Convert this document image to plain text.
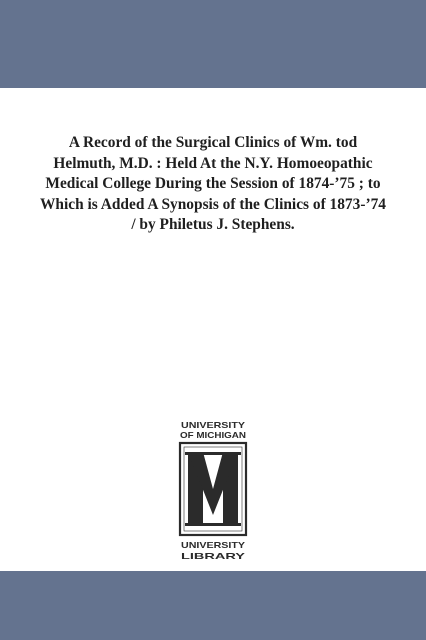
A Record of the Surgical Clinics of Wm. tod Helmuth, M.D. : Held At the N.Y. Homoeopathic Medical College During the Session of 1874-’75 ; to Which is Added A Synopsis of the Clinics of 1873-’74 / by Philetus J. Stephens.

UNIVERSITY
OF MICHIGAN
UNIVERSITY
LIBRARY
